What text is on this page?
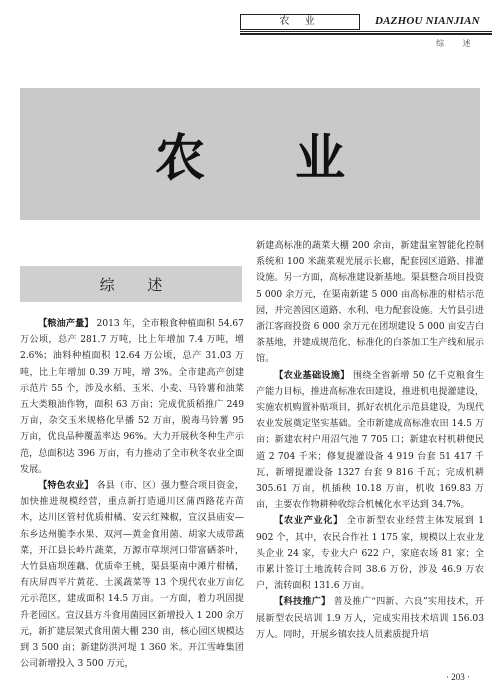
农 业	DAZHOU NIANJIAN
综 述
农业
综 述

【粮油产量】 2013 年，全市粮食种植面积 54.67 万公顷，总产 281.7 万吨，比上年增加 7.4 万吨，增 2.6%；油料种植面积 12.64 万公顷，总产 31.03 万吨，比上年增加 0.39 万吨，增 3%。全市建高产创建示范片 55 个，涉及水稻、玉米、小麦、马铃薯和油菜五大类粮油作物，面积 63 万亩；完成优质稻推广 249 万亩，杂交玉米规格化旱播 52 万亩，脱毒马铃薯 95 万亩，优良品种覆盖率达 96%。大力开展秋冬种生产示范，总面积达 396 万亩，有力推动了全市秋冬农业全面发展。

【特色农业】 各县（市、区）强力整合项目资金，加快推进规模经营，重点新打造通川区蒲西路花卉苗木，达川区管村优质柑橘、安云红辣椒，宣汉县庙安—东乡达州脆李水果、双河—黄金食用菌、胡家大成带蔬菜，开江县长岭片蔬菜，万源市草坝河口带富硒茶叶，大竹县庙坝莲藕、优质牵王桃，渠县渠南中滩片柑橘，有庆屏西平片黄花、土溪蔬菜等 13 个现代农业万亩亿元示范区，建成面积 14.5 万亩。一方面，着力巩固提升老园区。宣汉县方斗食用菌园区新增投入 1 200 余万元，新扩建层架式食用菌大棚 230 亩，核心园区规模达到 3 500 亩；新建防洪河堤 1 360 米。开江雪峰集团公司新增投入 3 500 万元，

新建高标准的蔬菜大棚 200 余亩，新建温室智能化控制系统和 100 米蔬菜观光展示长廊，配套园区道路、排灌设施。另一方面，高标准建设新基地。渠县整合项目投资 5 000 余万元，在渠南新建 5 000 亩高标准的柑桔示范园，并完善园区道路、水利、电力配套设施。大竹县引进浙江客商投资 6 000 余万元在团坝建设 5 000 亩安吉白茶基地，并建成规范化、标准化的白茶加工生产线和展示馆。

【农业基础设施】 围绕全省新增 50 亿千克粮食生产能力目标，推进高标准农田建设，推进机电提灌建设，实施农机购置补贴项目，抓好农机化示范县建设，为现代农业发展奠定坚实基础。全市新建成高标准农田 14.5 万亩；新建农村户用沼气池 7 705 口；新建农村机耕便民道 2 704 千米；修复提灌设备 4 919 台套 51 417 千瓦，新增提灌设备 1327 台套 9 816 千瓦；完成机耕 305.61 万亩，机插秧 10.18 万亩，机收 169.83 万亩，主要农作物耕种收综合机械化水平达到 34.7%。

【农业产业化】 全市新型农业经营主体发展到 1 902 个，其中，农民合作社 1 175 家，规模以上农业龙头企业 24 家，专业大户 622 户，家庭农场 81 家；全市累计签订土地流转合同 38.6 万份，涉及 46.9 万农户，流转面积 131.6 万亩。

【科技推广】 普及推广“四新、六良”实用技术，开展新型农民培训 1.9 万人，完成实用技术培训 156.03 万人。同时，开展乡镇农技人员素质提升培

· 203 ·
